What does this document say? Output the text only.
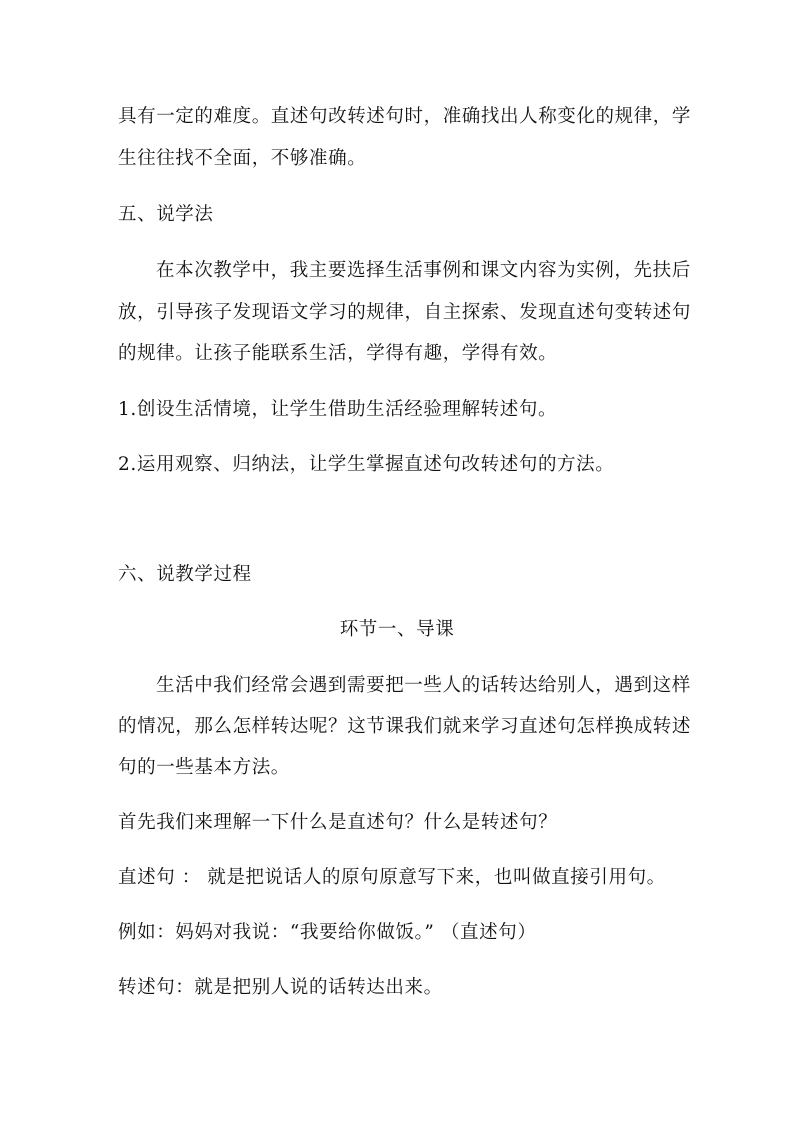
具有一定的难度。直述句改转述句时，准确找出人称变化的规律，学
生往往找不全面，不够准确。
五、说学法
在本次教学中，我主要选择生活事例和课文内容为实例，先扶后
放，引导孩子发现语文学习的规律，自主探索、发现直述句变转述句
的规律。让孩子能联系生活，学得有趣，学得有效。
1.创设生活情境，让学生借助生活经验理解转述句。
2.运用观察、归纳法，让学生掌握直述句改转述句的方法。
六、说教学过程
环节一、导课
生活中我们经常会遇到需要把一些人的话转达给别人，遇到这样
的情况，那么怎样转达呢？这节课我们就来学习直述句怎样换成转述
句的一些基本方法。
首先我们来理解一下什么是直述句？什么是转述句？
直述句 ： 就是把说话人的原句原意写下来，也叫做直接引用句。
例如：妈妈对我说：“我要给你做饭。” （直述句）
转述句：就是把别人说的话转达出来。
